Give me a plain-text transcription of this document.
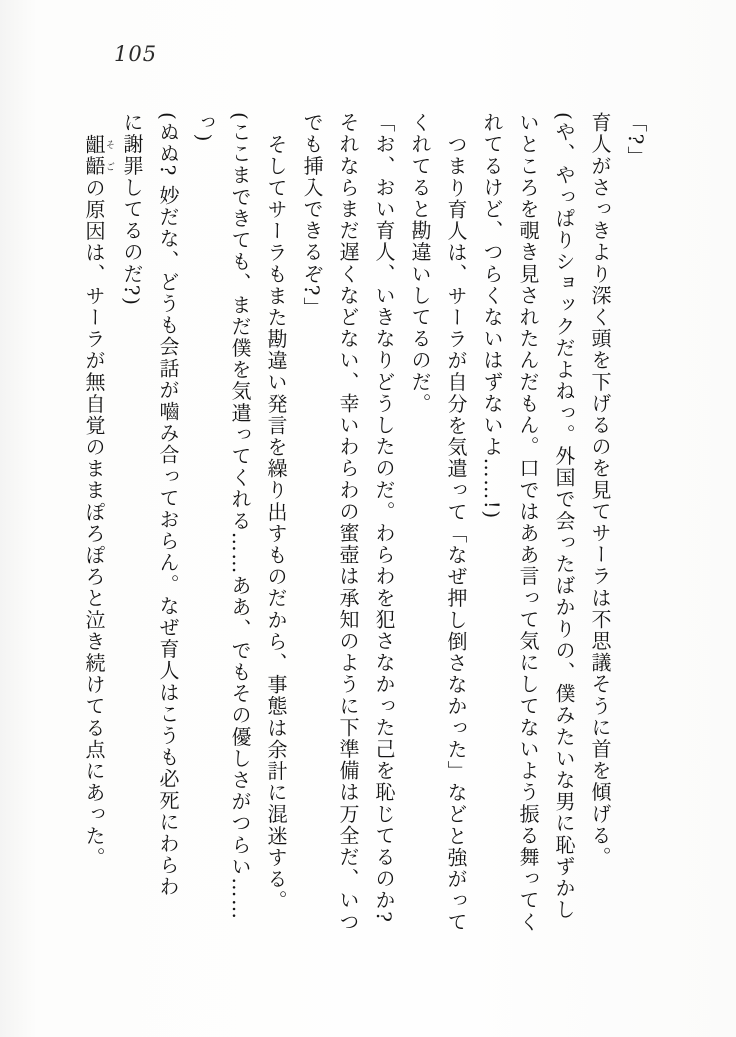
105
「?」
育人がさっきより深く頭を下げるのを見てサーラは不思議そうに首を傾げる。
(や、やっぱりショックだよねっ。外国で会ったばかりの、僕みたいな男に恥ずかし
いところを覗き見されたんだもん。口ではああ言って気にしてないよう振る舞ってく
れてるけど、つらくないはずないよ……!)
つまり育人は、サーラが自分を気遣って「なぜ押し倒さなかった」などと強がって
くれてると勘違いしてるのだ。
「お、おい育人、いきなりどうしたのだ。わらわを犯さなかった己を恥じてるのか?
それならまだ遅くなどない、幸いわらわの蜜壺は承知のように下準備は万全だ、いつ
でも挿入できるぞ?」
そしてサーラもまた勘違い発言を繰り出すものだから、事態は余計に混迷する。
(ここまできても、まだ僕を気遣ってくれる……ああ、でもその優しさがつらい……
っ)
(ぬぬ? 妙だな、どうも会話が嚙み合っておらん。なぜ育人はこうも必死にわらわ
に謝罪してるのだ?)
齟齬そごの原因は、サーラが無自覚のままぽろぽろと泣き続けてる点にあった。
